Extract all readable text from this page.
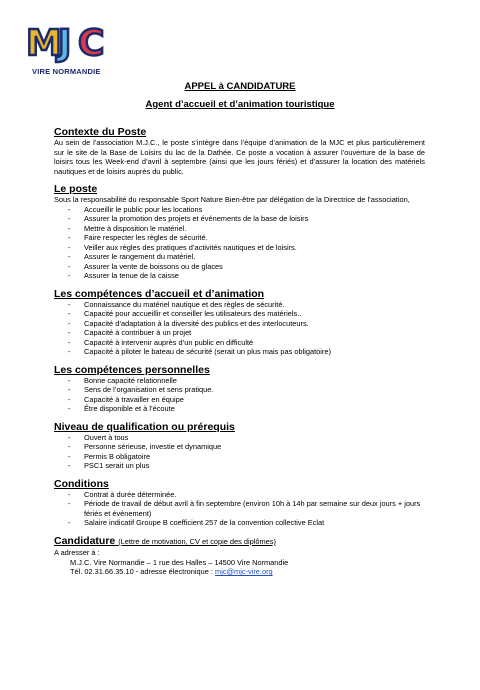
M
J C
VIRE NORMANDIE
APPEL à CANDIDATURE
Agent d’accueil et d’animation touristique
Contexte du Poste

Au sein de l’association M.J.C., le poste s’intègre dans l’équipe d’animation de la MJC et plus particulièrement sur le site de la Base de Loisirs du lac de la Dathée. Ce poste a vocation à assurer l’ouverture de la base de loisirs tous les Week-end d’avril à septembre (ainsi que les jours fériés) et d’assurer la location des matériels nautiques et de loisirs auprès du public.

Le poste

Sous la responsabilité du responsable Sport Nature Bien-être par délégation de la Directrice de l’association,

- Accueillir le public pour les locations
- Assurer la promotion des projets et événements de la base de loisirs
- Mettre à disposition le matériel.
- Faire respecter les règles de sécurité.
- Veiller aux règles des pratiques d’activités nautiques et de loisirs.
- Assurer le rangement du matériel.
- Assurer la vente de boissons ou de glaces
- Assurer la tenue de la caisse
Les compétences d’accueil et d’animation
- Connaissance du matériel nautique et des règles de sécurité.
- Capacité pour accueillir et conseiller les utilisateurs des matériels..
- Capacité d’adaptation à la diversité des publics et des interlocuteurs.
- Capacité à contribuer à un projet
- Capacité à intervenir auprès d’un public en difficulté
- Capacité à piloter le bateau de sécurité (serait un plus mais pas obligatoire)
Les compétences personnelles
- Bonne capacité relationnelle
- Sens de l’organisation et sens pratique.
- Capacité à travailler en équipe
- Être disponible et à l’écoute
Niveau de qualification ou prérequis
- Ouvert à tous
- Personne sérieuse, investie et dynamique
- Permis B obligatoire
- PSC1 serait un plus
Conditions
- Contrat à durée déterminée.
- Période de travail de début avril à fin septembre (environ 10h à 14h par semaine sur deux jours + jours fériés et événement)
- Salaire indicatif Groupe B coefficient 257 de la convention collective Eclat
Candidature (Lettre de motivation, CV et copie des diplômes)
A adresser à :
M.J.C. Vire Normandie – 1 rue des Halles – 14500 Vire Normandie
Tél. 02.31.66.35.10 - adresse électronique : mjc@mjc-vire.org
